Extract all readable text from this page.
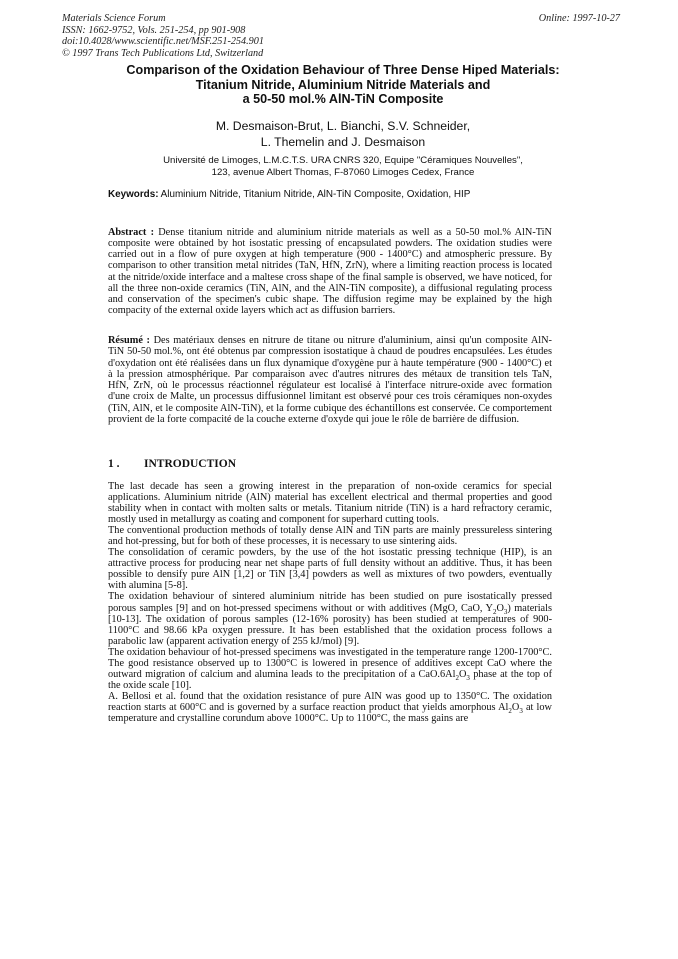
Materials Science Forum
ISSN: 1662-9752, Vols. 251-254, pp 901-908
doi:10.4028/www.scientific.net/MSF.251-254.901
© 1997 Trans Tech Publications Ltd, Switzerland
Online: 1997-10-27
Comparison of the Oxidation Behaviour of Three Dense Hiped Materials:
Titanium Nitride, Aluminium Nitride Materials and
a 50-50 mol.% AlN-TiN Composite
M. Desmaison-Brut, L. Bianchi, S.V. Schneider,
L. Themelin and J. Desmaison
Université de Limoges, L.M.C.T.S. URA CNRS 320, Equipe "Céramiques Nouvelles",
123, avenue Albert Thomas, F-87060 Limoges Cedex, France
Keywords: Aluminium Nitride, Titanium Nitride, AlN-TiN Composite, Oxidation, HIP
Abstract : Dense titanium nitride and aluminium nitride materials as well as a 50-50 mol.% AlN-TiN composite were obtained by hot isostatic pressing of encapsulated powders. The oxidation studies were carried out in a flow of pure oxygen at high temperature (900 - 1400°C) and atmospheric pressure. By comparison to other transition metal nitrides (TaN, HfN, ZrN), where a limiting reaction process is located at the nitride/oxide interface and a maltese cross shape of the final sample is observed, we have noticed, for all the three non-oxide ceramics (TiN, AlN, and the AlN-TiN composite), a diffusional regulating process and conservation of the specimen's cubic shape. The diffusion regime may be explained by the high compacity of the external oxide layers which act as diffusion barriers.
Résumé : Des matériaux denses en nitrure de titane ou nitrure d'aluminium, ainsi qu'un composite AlN-TiN 50-50 mol.%, ont été obtenus par compression isostatique à chaud de poudres encapsulées. Les études d'oxydation ont été réalisées dans un flux dynamique d'oxygène pur à haute température (900 - 1400°C) et à la pression atmosphérique. Par comparaison avec d'autres nitrures des métaux de transition tels TaN, HfN, ZrN, où le processus réactionnel régulateur est localisé à l'interface nitrure-oxide avec formation d'une croix de Malte, un processus diffusionnel limitant est observé pour ces trois céramiques non-oxydes (TiN, AlN, et le composite AlN-TiN), et la forme cubique des échantillons est conservée. Ce comportement provient de la forte compacité de la couche externe d'oxyde qui joue le rôle de barrière de diffusion.
1 . INTRODUCTION

The last decade has seen a growing interest in the preparation of non-oxide ceramics for special applications. Aluminium nitride (AlN) material has excellent electrical and thermal properties and good stability when in contact with molten salts or metals. Titanium nitride (TiN) is a hard refractory ceramic, mostly used in metallurgy as coating and component for superhard cutting tools.

The conventional production methods of totally dense AlN and TiN parts are mainly pressureless sintering and hot-pressing, but for both of these processes, it is necessary to use sintering aids.

The consolidation of ceramic powders, by the use of the hot isostatic pressing technique (HIP), is an attractive process for producing near net shape parts of full density without an additive. Thus, it has been possible to densify pure AlN [1,2] or TiN [3,4] powders as well as mixtures of two powders, eventually with alumina [5-8].

The oxidation behaviour of sintered aluminium nitride has been studied on pure isostatically pressed porous samples [9] and on hot-pressed specimens without or with additives (MgO, CaO, $Y_2O_3$) materials [10-13]. The oxidation of porous samples (12-16% porosity) has been studied at temperatures of 900-1100°C and 98.66 kPa oxygen pressure. It has been established that the oxidation process follows a parabolic law (apparent activation energy of 255 kJ/mol) [9].

The oxidation behaviour of hot-pressed specimens was investigated in the temperature range 1200-1700°C. The good resistance observed up to 1300°C is lowered in presence of additives except CaO where the outward migration of calcium and alumina leads to the precipitation of a $CaO.6Al_2O_3$ phase at the top of the oxide scale [10].

A. Bellosi et al. found that the oxidation resistance of pure AlN was good up to 1350°C. The oxidation reaction starts at 600°C and is governed by a surface reaction product that yields amorphous $Al_2O_3$ at low temperature and crystalline corundum above 1000°C. Up to 1100°C, the mass gains are
